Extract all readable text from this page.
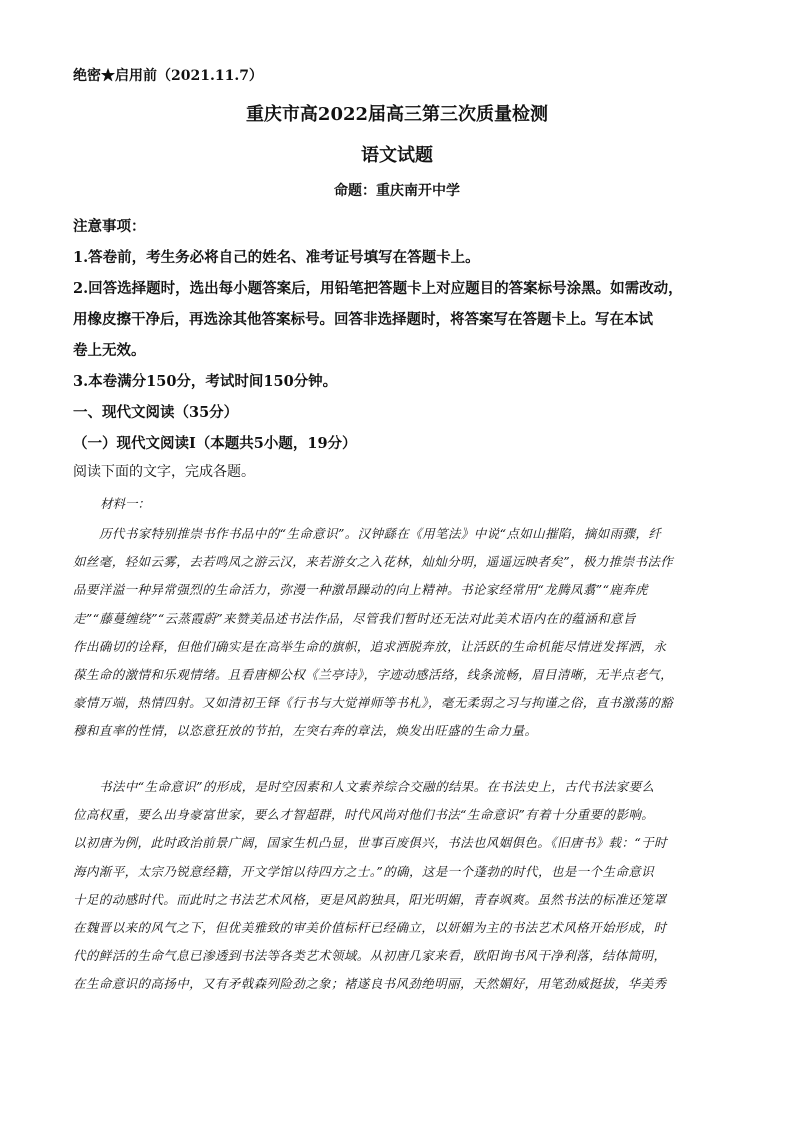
绝密★启用前（2021.11.7）
重庆市高2022届高三第三次质量检测
语文试题
命题：重庆南开中学
注意事项：
1.答卷前，考生务必将自己的姓名、准考证号填写在答题卡上。
2.回答选择题时，选出每小题答案后，用铅笔把答题卡上对应题目的答案标号涂黑。如需改动，
用橡皮擦干净后，再选涂其他答案标号。回答非选择题时，将答案写在答题卡上。写在本试
卷上无效。
3.本卷满分150分，考试时间150分钟。
一、现代文阅读（35分）
（一）现代文阅读Ⅰ（本题共5小题，19分）
阅读下面的文字，完成各题。
材料一：
历代书家特别推崇书作书品中的“生命意识”。汉钟繇在《用笔法》中说“点如山摧陷，摘如雨骤，纤
如丝毫，轻如云雾，去若鸣凤之游云汉，来若游女之入花林，灿灿分明，遥遥远映者矣”，极力推崇书法作
品要洋溢一种异常强烈的生命活力，弥漫一种激昂躁动的向上精神。书论家经常用“龙腾凤翥”“鹿奔虎
走”“藤蔓缠绕”“云蒸霞蔚”来赞美品述书法作品，尽管我们暂时还无法对此美术语内在的蕴涵和意旨
作出确切的诠释，但他们确实是在高举生命的旗帜，追求洒脱奔放，让活跃的生命机能尽情迸发挥洒，永
葆生命的激情和乐观情绪。且看唐柳公权《兰亭诗》，字迹动感活络，线条流畅，眉目清晰，无半点老气，
豪情万端，热情四射。又如清初王铎《行书与大觉禅师等书札》，毫无柔弱之习与拘谨之俗，直书激荡的豁
穆和直率的性情，以恣意狂放的节拍，左突右奔的章法，焕发出旺盛的生命力量。
书法中“生命意识”的形成，是时空因素和人文素养综合交融的结果。在书法史上，古代书法家要么
位高权重，要么出身豪富世家，要么才智超群，时代风尚对他们书法“生命意识”有着十分重要的影响。
以初唐为例，此时政治前景广阔，国家生机凸显，世事百废俱兴，书法也风姻俱色。《旧唐书》载：“于时
海内渐平，太宗乃锐意经籍，开文学馆以待四方之士。”的确，这是一个蓬勃的时代，也是一个生命意识
十足的动感时代。而此时之书法艺术风格，更是风韵独具，阳光明媚，青春飒爽。虽然书法的标准还笼罩
在魏晋以来的风气之下，但优美雅致的审美价值标杆已经确立，以妍媚为主的书法艺术风格开始形成，时
代的鲜活的生命气息已渗透到书法等各类艺术领域。从初唐几家来看，欧阳询书风干净利落，结体简明，
在生命意识的高扬中，又有矛戟森列险劲之象；褚遂良书风劲绝明丽，天然媚好，用笔劲威挺拔，华美秀
